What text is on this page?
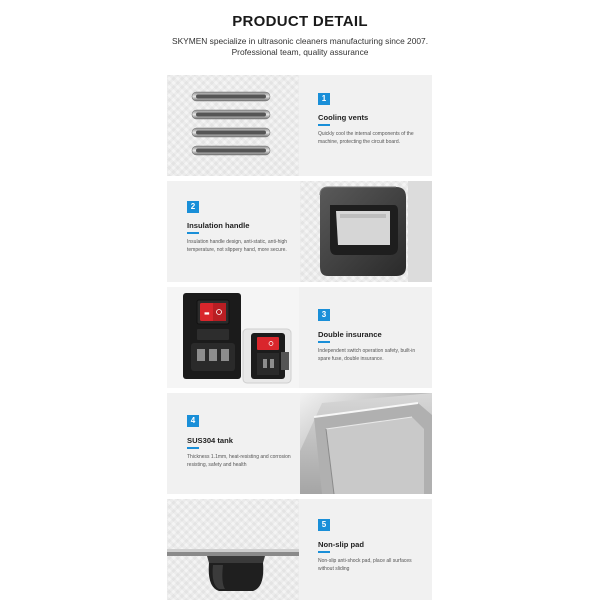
PRODUCT DETAIL
SKYMEN specialize in ultrasonic cleaners manufacturing since 2007. Professional team, quality assurance
1
Cooling vents
Quickly cool the internal components of the machine, protecting the circuit board.
2
Insulation handle
Insulation handle design, anti-static, anti-high temperature, not slippery hand, more secure.
▬	3
Double insurance
Independent switch operation safety, built-in spare fuse, double insurance.
4
SUS304 tank
Thickness 1.1mm, heat-resisting and corrosion resisting, safety and health
5
Non-slip pad
Non-slip anti-shock pad, place all surfaces without sliding
